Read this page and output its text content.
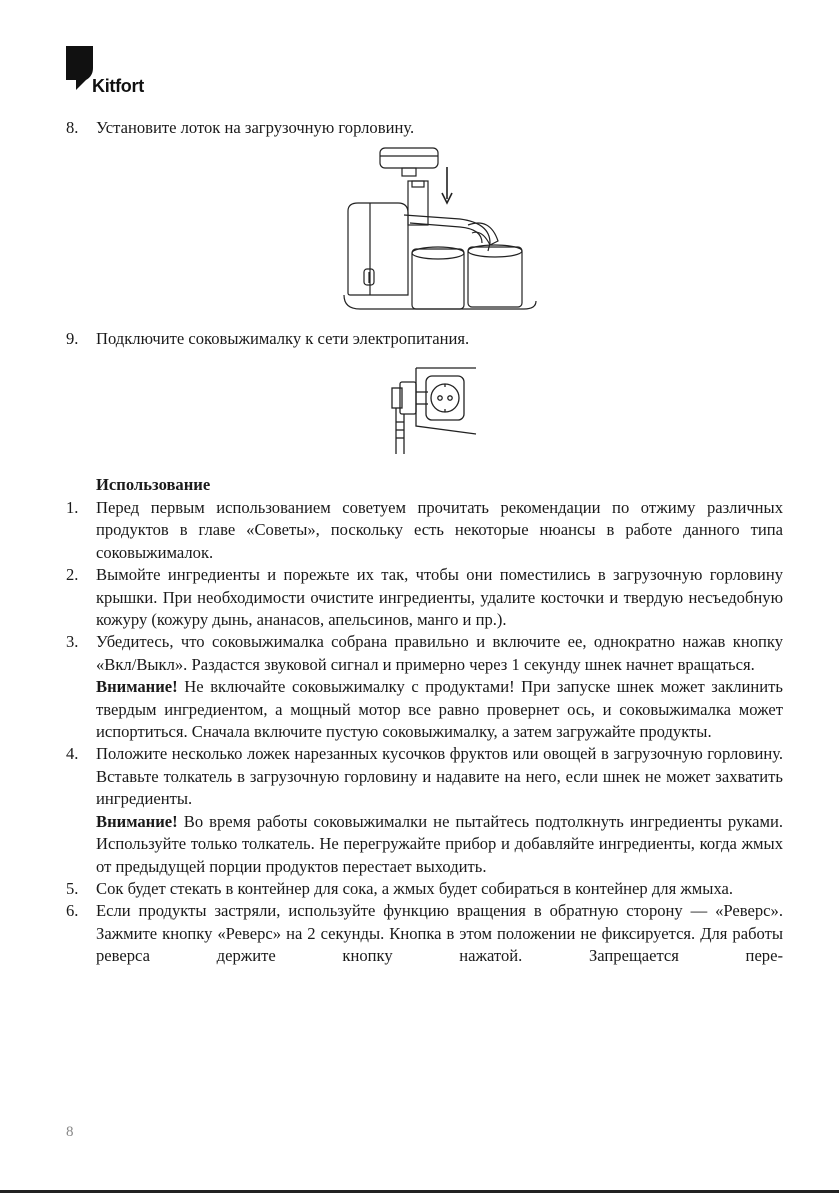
Kitfort
8. Установите лоток на загрузочную горловину.
9. Подключите соковыжималку к сети электропитания.
Использование
1. Перед первым использованием советуем прочитать рекомендации по отжиму различных продуктов в главе «Советы», поскольку есть некоторые нюансы в работе данного типа соковыжималок.

2. Вымойте ингредиенты и порежьте их так, чтобы они поместились в загрузочную горловину крышки. При необходимости очистите ингредиенты, удалите косточки и твердую несъедобную кожуру (кожуру дынь, ананасов, апельсинов, манго и пр.).

3. Убедитесь, что соковыжималка собрана правильно и включите ее, однократно нажав кнопку «Вкл/Выкл». Раздастся звуковой сигнал и примерно через 1 секунду шнек начнет вращаться.

Внимание! Не включайте соковыжималку с продуктами! При запуске шнек может заклинить твердым ингредиентом, а мощный мотор все равно провернет ось, и соковыжималка может испортиться. Сначала включите пустую соковыжималку, а затем загружайте продукты.

4. Положите несколько ложек нарезанных кусочков фруктов или овощей в загрузочную горловину. Вставьте толкатель в загрузочную горловину и надавите на него, если шнек не может захватить ингредиенты.

Внимание! Во время работы соковыжималки не пытайтесь подтолкнуть ингредиенты руками. Используйте только толкатель. Не перегружайте прибор и добавляйте ингредиенты, когда жмых от предыдущей порции продуктов перестает выходить.

5. Сок будет стекать в контейнер для сока, а жмых будет собираться в контейнер для жмыха.

6. Если продукты застряли, используйте функцию вращения в обратную сторону — «Реверс». Зажмите кнопку «Реверс» на 2 секунды. Кнопка в этом положении не фиксируется. Для работы реверса держите кнопку нажатой. Запрещается пере-

8
